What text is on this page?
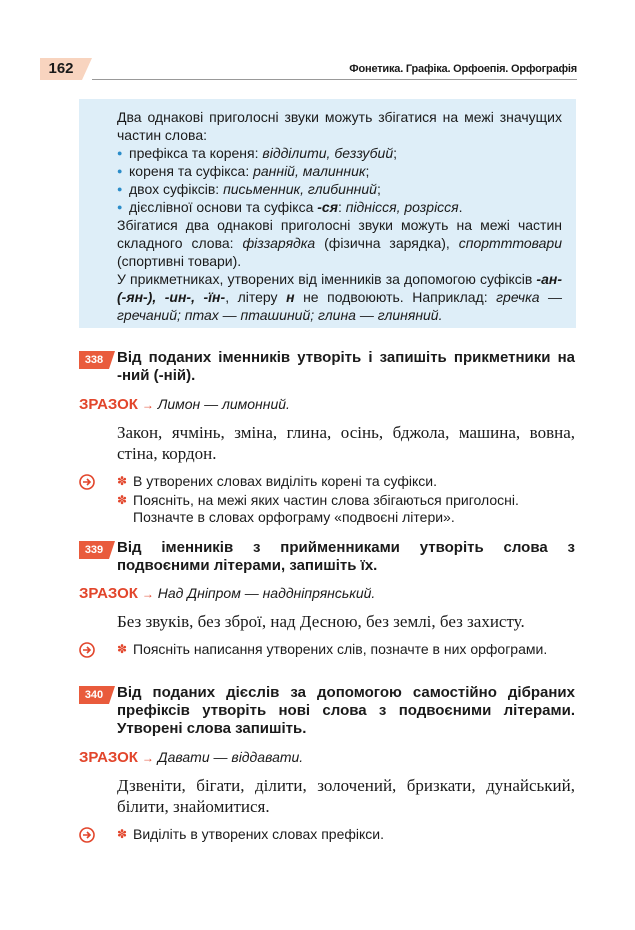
162	Фонетика. Графіка. Орфоепія. Орфографія

Два однакові приголосні звуки можуть збігатися на межі значущих частин слова:

● префікса та кореня: відділити, беззубий;

● кореня та суфікса: ранній, малинник;

● двох суфіксів: письменник, глибинний;

● дієслівної основи та суфікса -ся: піднісся, розрісся.

Збігатися два однакові приголосні звуки можуть на межі частин складного слова: фіззарядка (фізична зарядка), спортттовари (спортивні товари).

У прикметниках, утворених від іменників за допомогою суфіксів -ан- (-ян-), -ин-, -їн-, літеру н не подвоюють. Наприклад: гречка — гречаний; птах — пташиний; глина — глиняний.

338 Від поданих іменників утворіть і запишіть прикметники на -ний (-ній).
ЗРАЗОК → Лимон — лимонний.
Закон, ячмінь, зміна, глина, осінь, бджола, машина, вовна, стіна, кордон.
✽ В утворених словах виділіть корені та суфікси.
✽ Поясніть, на межі яких частин слова збігаються приголосні. Позначте в словах орфограму «подвоєні літери».
339 Від іменників з прийменниками утворіть слова з подвоєними літерами, запишіть їх.
ЗРАЗОК → Над Дніпром — наддніпрянський.
Без звуків, без зброї, над Десною, без землі, без захисту.
✽ Поясніть написання утворених слів, позначте в них орфограми.
340 Від поданих дієслів за допомогою самостійно дібраних префіксів утворіть нові слова з подвоєними літерами. Утворені слова запишіть.
ЗРАЗОК → Давати — віддавати.
Дзвеніти, бігати, ділити, золочений, бризкати, дунайський, білити, знайомитися.
✽ Виділіть в утворених словах префікси.
